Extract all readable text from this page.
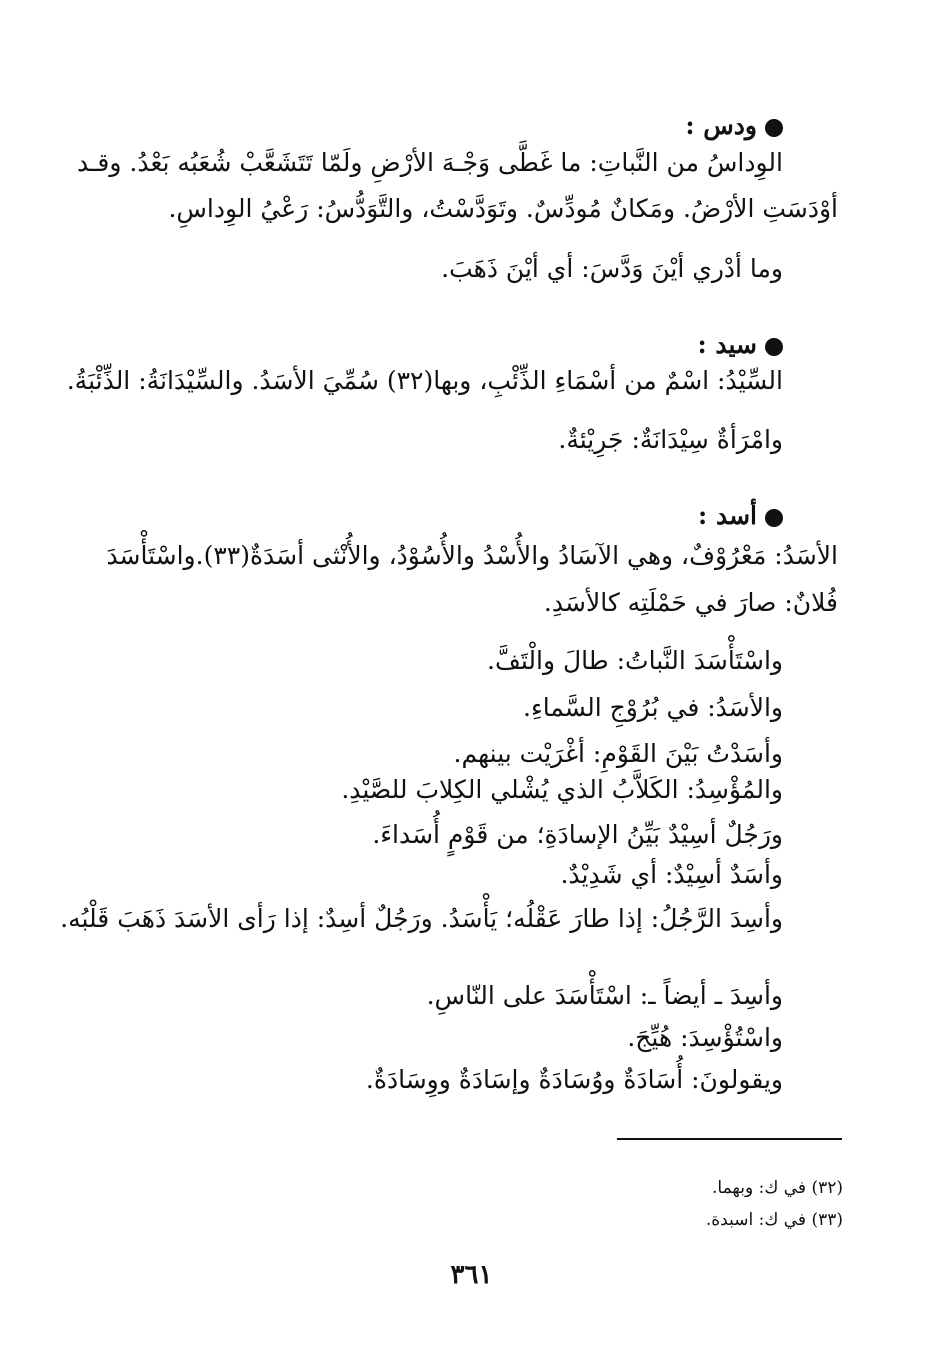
ودس :
الوِداسُ من النَّباتِ: ما غَطَّى وَجْـهَ الأرْضِ ولَمّا تَتَشَعَّبْ شُعَبُه بَعْدُ. وقـد
أوْدَسَتِ الأرْضُ. ومَكانٌ مُودِّسٌ. وتَوَدَّسْتُ، والتَّوَدُّسُ: رَعْيُ الوِداسِ.
وما أدْري أيْنَ وَدَّسَ: أي أيْنَ ذَهَبَ.
سيد :
السِّيْدُ: اسْمٌ من أسْمَاءِ الذِّئْبِ، وبها(٣٢) سُمِّيَ الأسَدُ. والسِّيْدَانَةُ: الذِّئْبَةُ.
وامْرَأةٌ سِيْدَانَةٌ: جَرِيْئةٌ.
أسد :
الأسَدُ: مَعْرُوْفٌ، وهي الآسَادُ والأُسْدُ والأُسُوْدُ، والأُنْثى أسَدَةٌ(٣٣).واسْتَأْسَدَ
فُلانٌ: صارَ في حَمْلَتِه كالأسَدِ.
واسْتَأْسَدَ النَّباتُ: طالَ والْتَفَّ.
والأسَدُ: في بُرُوْجِ السَّماءِ.
وأسَدْتُ بَيْنَ القَوْمِ: أغْرَيْت بينهم.
والمُؤْسِدُ: الكَلاَّبُ الذي يُشْلي الكِلابَ للصَّيْدِ.
ورَجُلٌ أسِيْدٌ بَيِّنُ الإسادَةِ؛ من قَوْمٍ أُسَداءَ.
وأسَدٌ أسِيْدٌ: أي شَدِيْدٌ.
وأسِدَ الرَّجُلُ: إذا طارَ عَقْلُه؛ يَأْسَدُ. ورَجُلٌ أسِدٌ: إذا رَأى الأسَدَ ذَهَبَ قَلْبُه.
وأسِدَ ـ أيضاً ـ: اسْتَأْسَدَ على النّاسِ.
واسْتُؤْسِدَ: هُيِّجَ.
ويقولونَ: أُسَادَةٌ ووُسَادَةٌ وإسَادَةٌ ووِسَادَةٌ.
(٣٢) في ك: وبهما.
(٣٣) في ك: اسبدة.
٣٦١
